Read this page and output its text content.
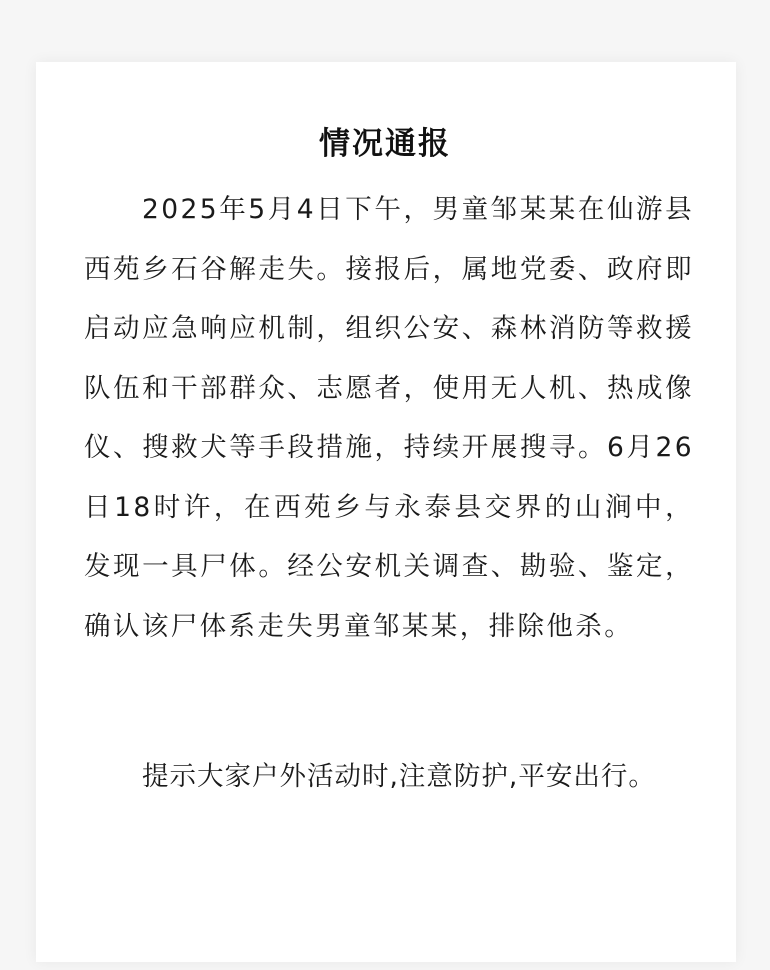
情况通报

2025年5月4日下午，男童邹某某在仙游县西苑乡石谷解走失。接报后，属地党委、政府即启动应急响应机制，组织公安、森林消防等救援队伍和干部群众、志愿者，使用无人机、热成像仪、搜救犬等手段措施，持续开展搜寻。6月26日18时许，在西苑乡与永泰县交界的山涧中，发现一具尸体。经公安机关调查、勘验、鉴定，确认该尸体系走失男童邹某某，排除他杀。

提示大家户外活动时,注意防护,平安出行。
